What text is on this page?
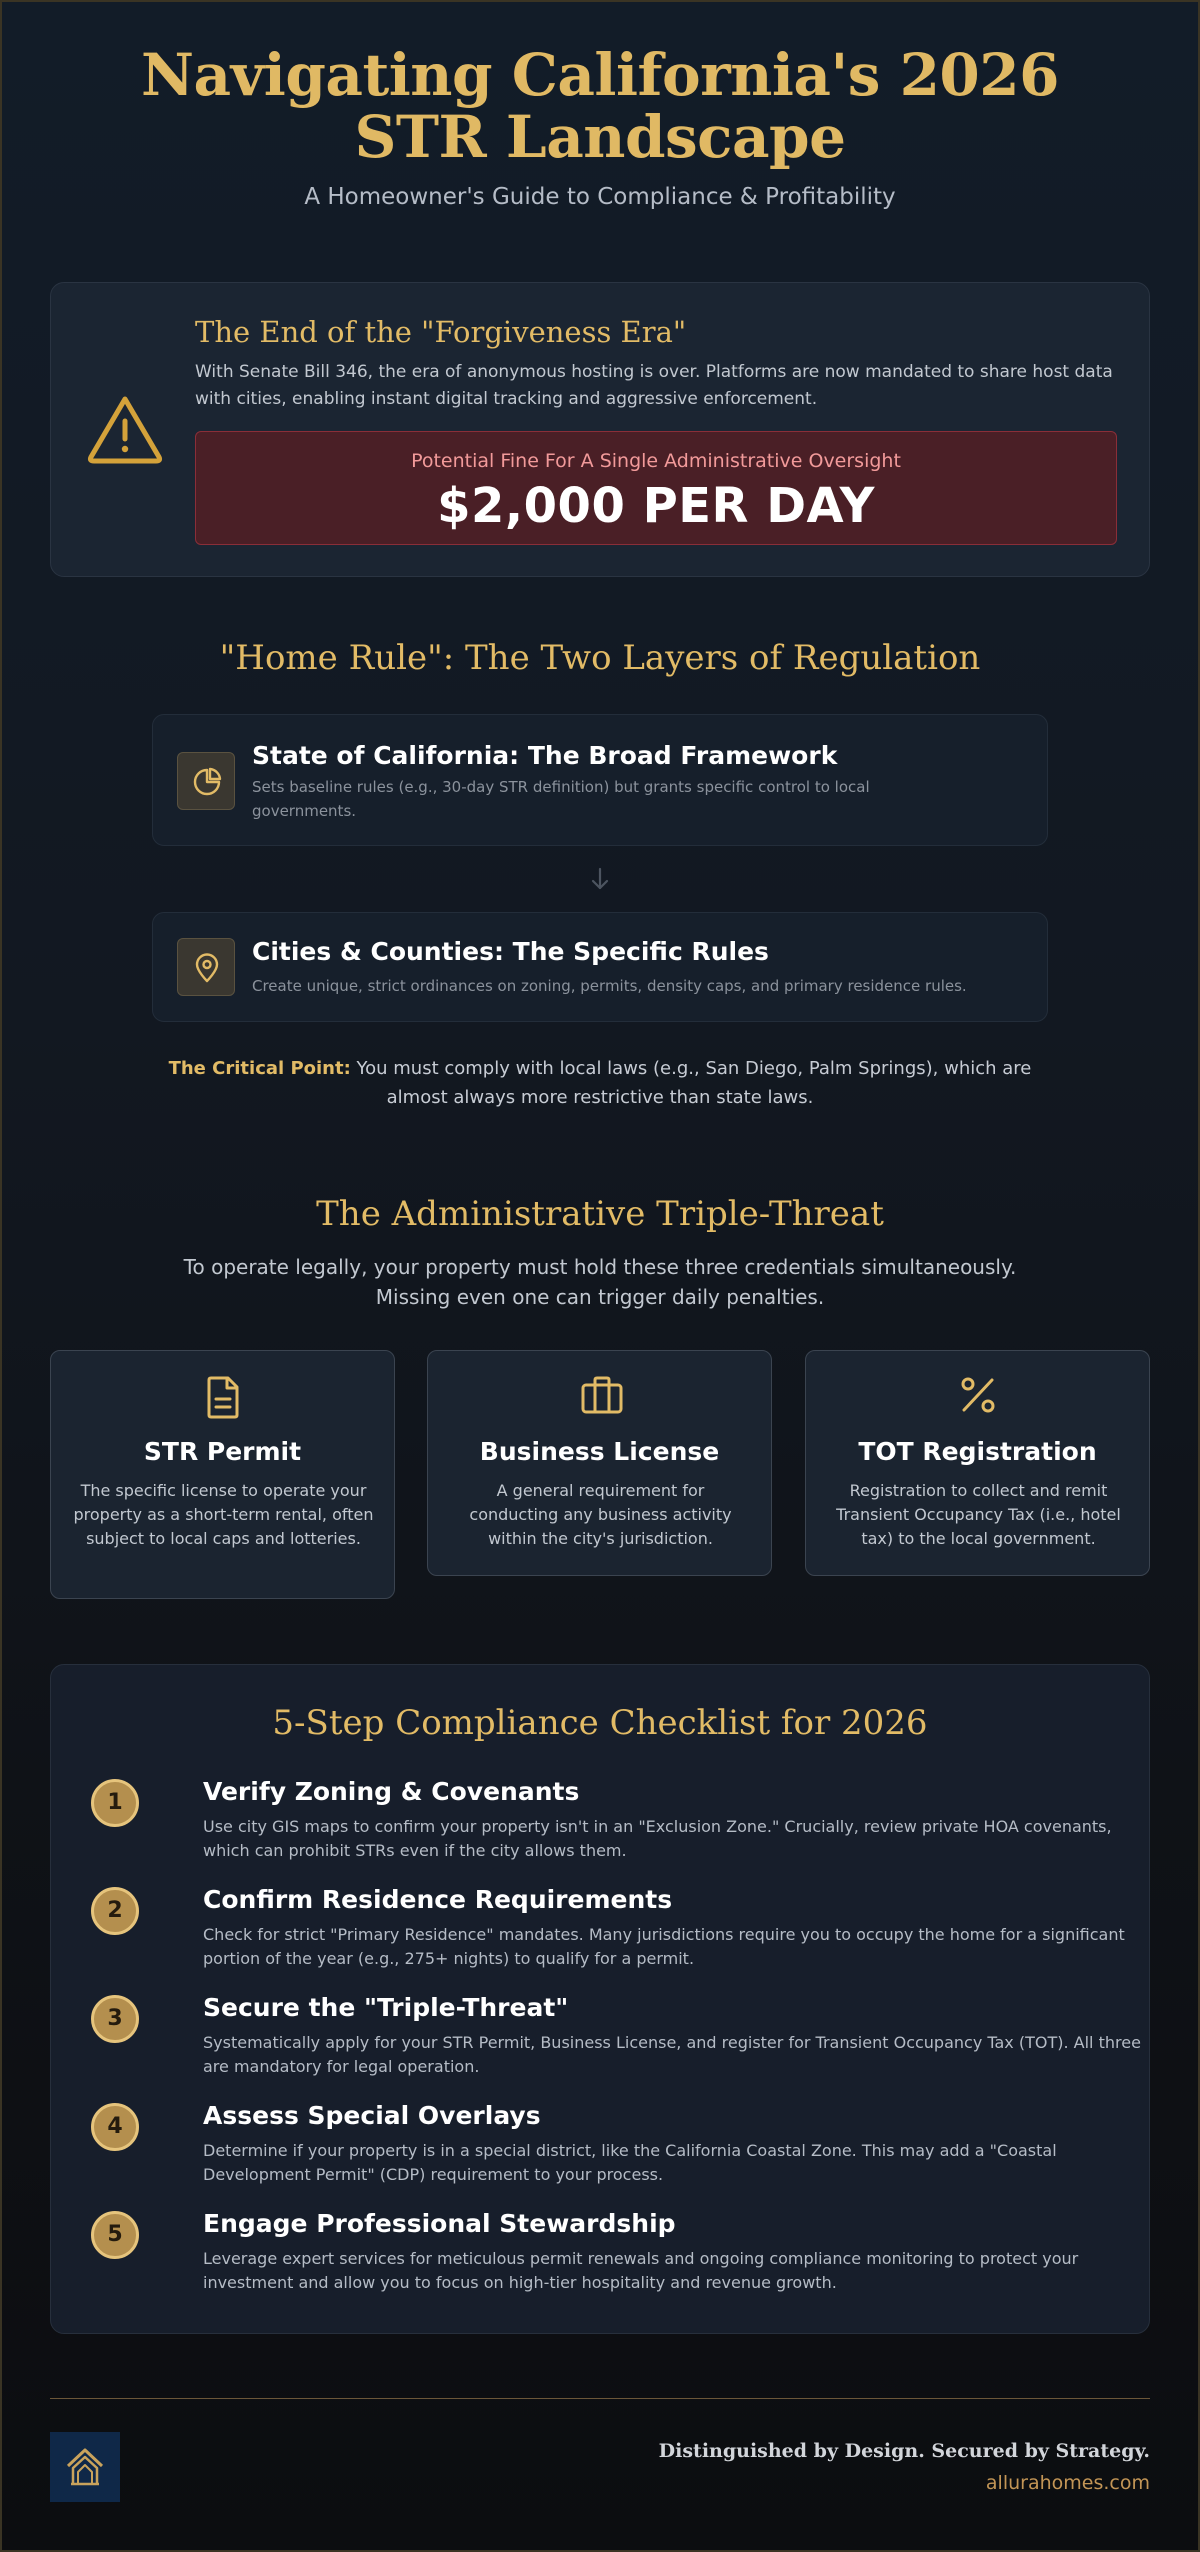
Navigating California's 2026 STR Landscape
A Homeowner's Guide to Compliance & Profitability
The End of the "Forgiveness Era"
With Senate Bill 346, the era of anonymous hosting is over. Platforms are now mandated to share host data with cities, enabling instant digital tracking and aggressive enforcement.
Potential Fine For A Single Administrative Oversight
$2,000 PER DAY
"Home Rule": The Two Layers of Regulation
State of California: The Broad Framework
Sets baseline rules (e.g., 30-day STR definition) but grants specific control to local governments.
Cities & Counties: The Specific Rules
Create unique, strict ordinances on zoning, permits, density caps, and primary residence rules.
The Critical Point: You must comply with local laws (e.g., San Diego, Palm Springs), which are almost always more restrictive than state laws.
The Administrative Triple-Threat
To operate legally, your property must hold these three credentials simultaneously. Missing even one can trigger daily penalties.
STR Permit
The specific license to operate your property as a short-term rental, often subject to local caps and lotteries.
Business License
A general requirement for conducting any business activity within the city's jurisdiction.
TOT Registration
Registration to collect and remit Transient Occupancy Tax (i.e., hotel tax) to the local government.
5-Step Compliance Checklist for 2026
1	Verify Zoning & Covenants
Use city GIS maps to confirm your property isn't in an "Exclusion Zone." Crucially, review private HOA covenants, which can prohibit STRs even if the city allows them.
2	Confirm Residence Requirements
Check for strict "Primary Residence" mandates. Many jurisdictions require you to occupy the home for a significant portion of the year (e.g., 275+ nights) to qualify for a permit.
3	Secure the "Triple-Threat"
Systematically apply for your STR Permit, Business License, and register for Transient Occupancy Tax (TOT). All three are mandatory for legal operation.
4	Assess Special Overlays
Determine if your property is in a special district, like the California Coastal Zone. This may add a "Coastal Development Permit" (CDP) requirement to your process.
5	Engage Professional Stewardship
Leverage expert services for meticulous permit renewals and ongoing compliance monitoring to protect your investment and allow you to focus on high-tier hospitality and revenue growth.
Distinguished by Design. Secured by Strategy.
allurahomes.com
